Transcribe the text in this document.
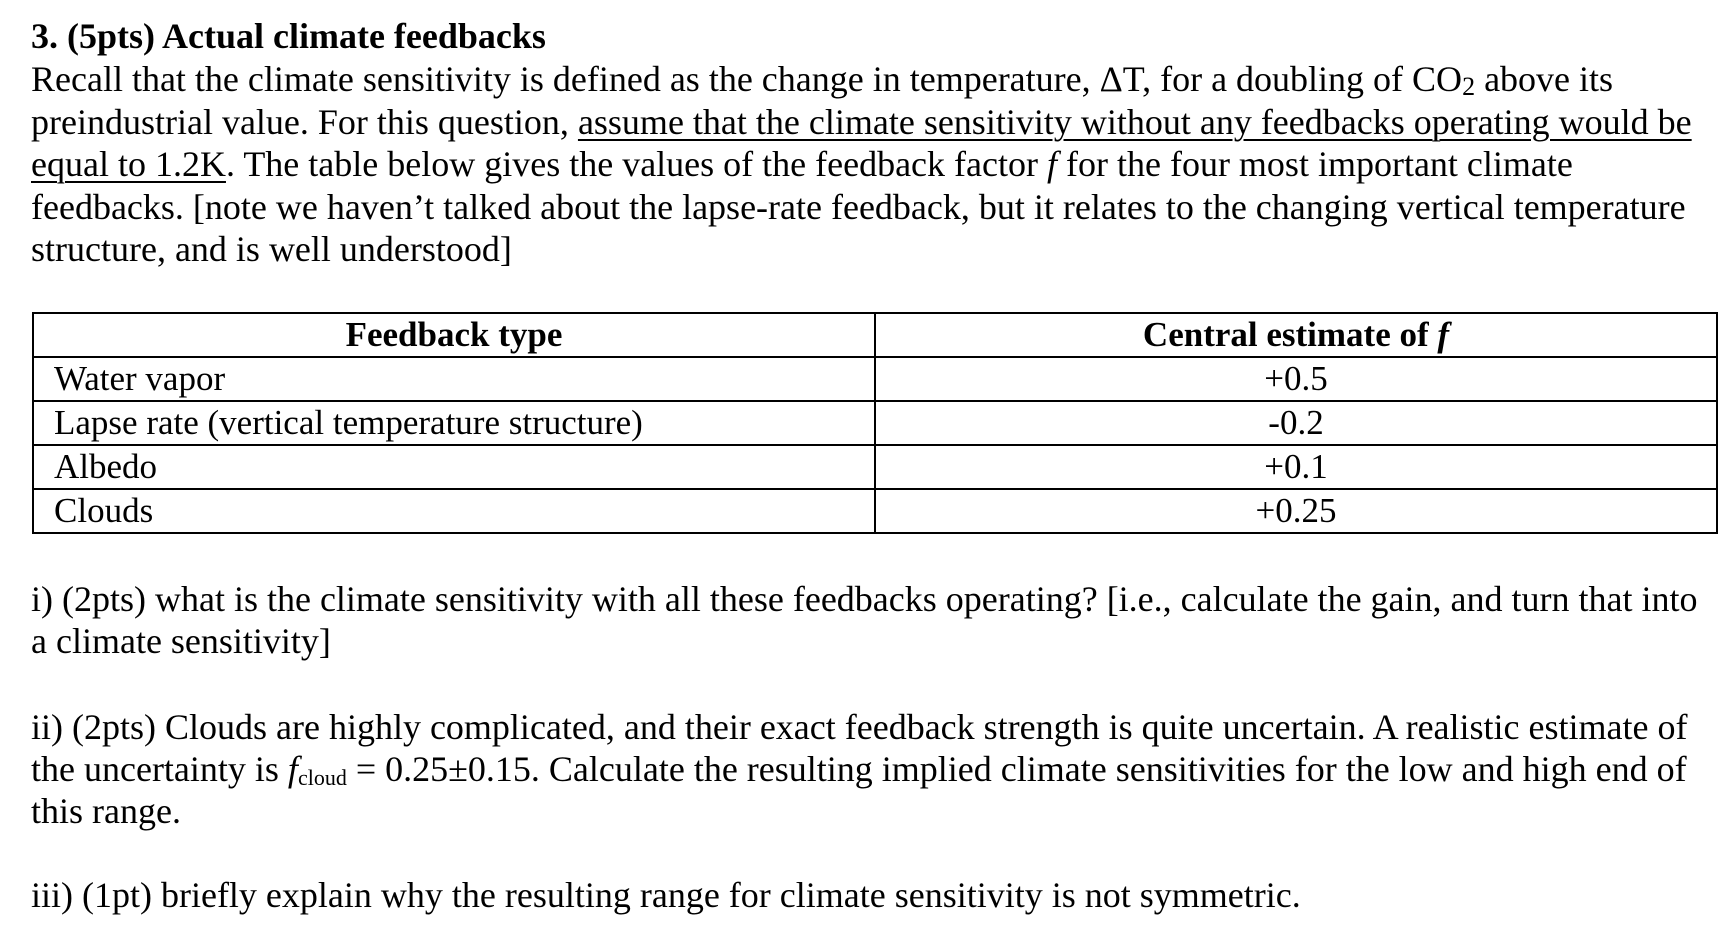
3. (5pts) Actual climate feedbacks

Recall that the climate sensitivity is defined as the change in temperature, ΔT, for a doubling of $CO_2$ above its preindustrial value. For this question, assume that the climate sensitivity without any feedbacks operating would be equal to 1.2K. The table below gives the values of the feedback factor f for the four most important climate feedbacks. [note we haven’t talked about the lapse-rate feedback, but it relates to the changing vertical temperature structure, and is well understood]

Feedback type	Central estimate of f
Water vapor	+0.5
Lapse rate (vertical temperature structure)	-0.2
Albedo	+0.1
Clouds	+0.25

i) (2pts) what is the climate sensitivity with all these feedbacks operating? [i.e., calculate the gain, and turn that into a climate sensitivity]

ii) (2pts) Clouds are highly complicated, and their exact feedback strength is quite uncertain. A realistic estimate of the uncertainty is $f_{cloud} = 0.25\pm 0.15$. Calculate the resulting implied climate sensitivities for the low and high end of this range.

iii) (1pt) briefly explain why the resulting range for climate sensitivity is not symmetric.
